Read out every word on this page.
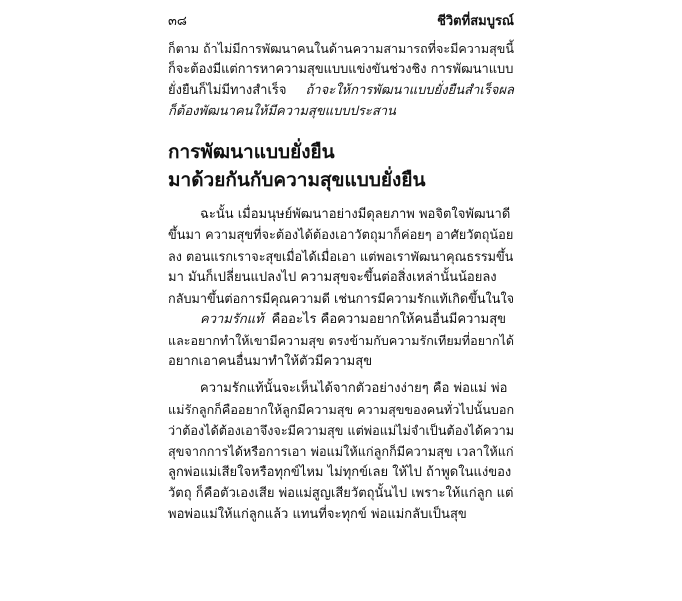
๓๘	ชีวิตที่สมบูรณ์
ก็ตาม ถ้าไม่มีการพัฒนาคนในด้านความสามารถที่จะมีความสุขนี้
ก็จะต้องมีแต่การหาความสุขแบบแข่งขันช่วงชิง การพัฒนาแบบ
ยั่งยืนก็ไม่มีทางสำเร็จ ถ้าจะให้การพัฒนาแบบยั่งยืนสำเร็จผล
ก็ต้องพัฒนาคนให้มีความสุขแบบประสาน
การพัฒนาแบบยั่งยืน
มาด้วยกันกับความสุขแบบยั่งยืน
ฉะนั้น เมื่อมนุษย์พัฒนาอย่างมีดุลยภาพ พอจิตใจพัฒนาดี
ขึ้นมา ความสุขที่จะต้องได้ต้องเอาวัตถุมาก็ค่อยๆ อาศัยวัตถุน้อย
ลง ตอนแรกเราจะสุขเมื่อได้เมื่อเอา แต่พอเราพัฒนาคุณธรรมขึ้น
มา มันก็เปลี่ยนแปลงไป ความสุขจะขึ้นต่อสิ่งเหล่านั้นน้อยลง
กลับมาขึ้นต่อการมีคุณความดี เช่นการมีความรักแท้เกิดขึ้นในใจ
ความรักแท้ คืออะไร คือความอยากให้คนอื่นมีความสุข
และอยากทำให้เขามีความสุข ตรงข้ามกับความรักเทียมที่อยากได้
อยากเอาคนอื่นมาทำให้ตัวมีความสุข
ความรักแท้นั้นจะเห็นได้จากตัวอย่างง่ายๆ คือ พ่อแม่ พ่อ
แม่รักลูกก็คืออยากให้ลูกมีความสุข ความสุขของคนทั่วไปนั้นบอก
ว่าต้องได้ต้องเอาจึงจะมีความสุข แต่พ่อแม่ไม่จำเป็นต้องได้ความ
สุขจากการได้หรือการเอา พ่อแม่ให้แก่ลูกก็มีความสุข เวลาให้แก่
ลูกพ่อแม่เสียใจหรือทุกข์ไหม ไม่ทุกข์เลย ให้ไป ถ้าพูดในแง่ของ
วัตถุ ก็คือตัวเองเสีย พ่อแม่สูญเสียวัตถุนั้นไป เพราะให้แก่ลูก แต่
พอพ่อแม่ให้แก่ลูกแล้ว แทนที่จะทุกข์ พ่อแม่กลับเป็นสุข
